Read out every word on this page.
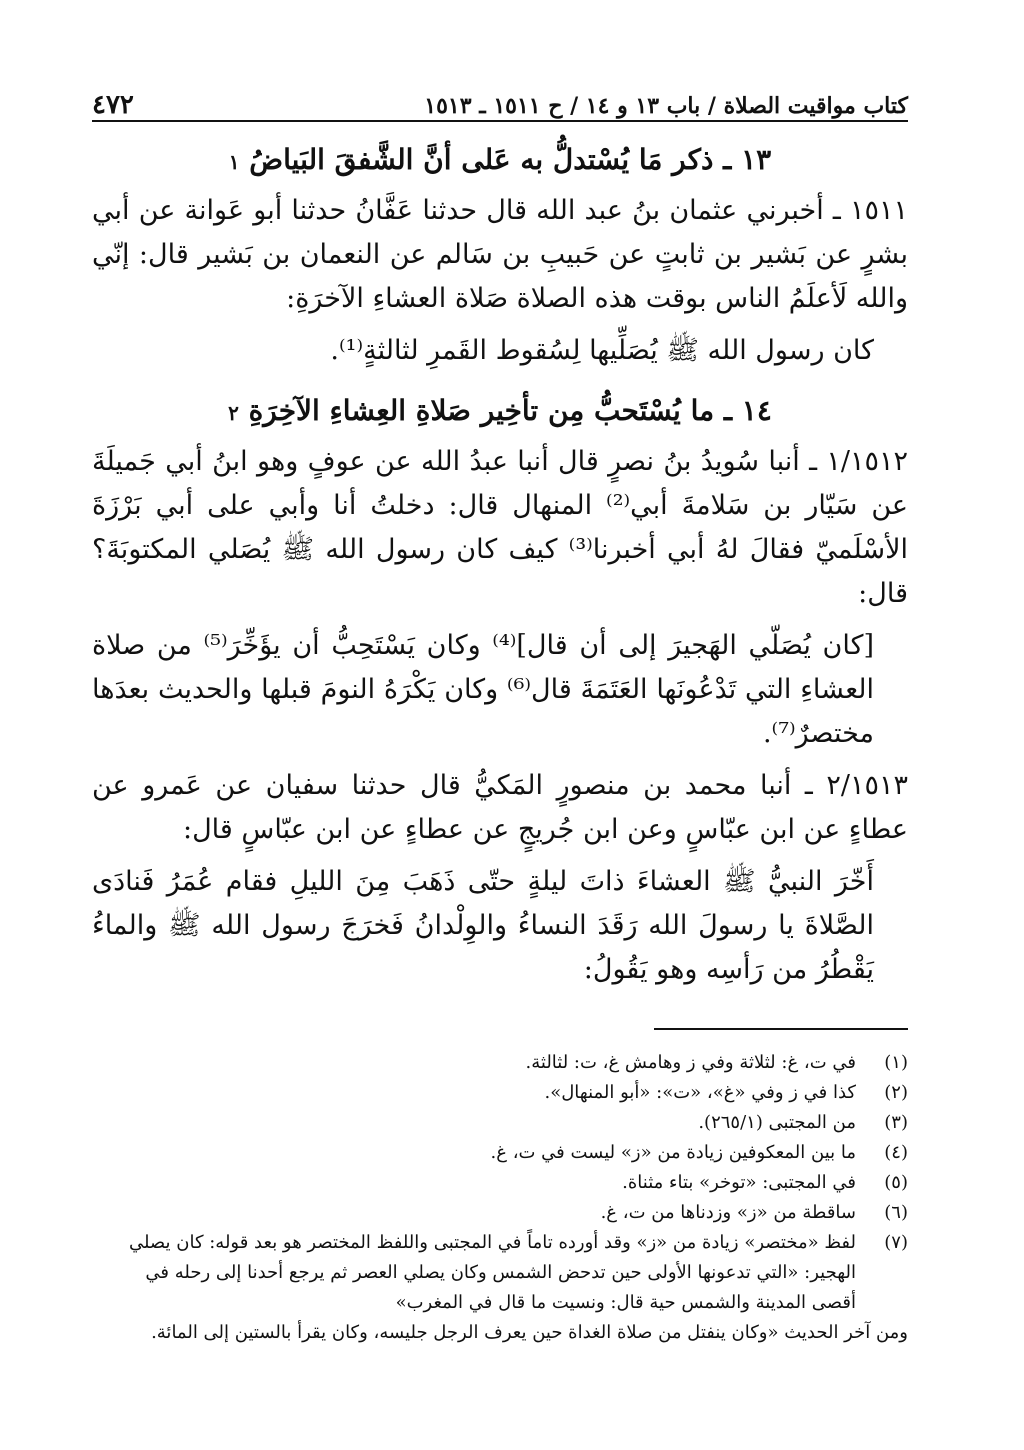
كتاب مواقيت الصلاة / باب ١٣ و ١٤ / ح ١٥١١ ـ ١٥١٣
٤٧٢
١٣ ـ ذكر مَا يُسْتدلُّ به عَلى أنَّ الشَّفقَ البَياضُ ١

١٥١١ ـ أخبرني عثمان بنُ عبد الله قال حدثنا عَفَّانُ حدثنا أبو عَوانة عن أبي بشرٍ عن بَشير بن ثابتٍ عن حَبيبِ بن سَالم عن النعمان بن بَشير قال: إنّي والله لَأعلَمُ الناس بوقت هذه الصلاة صَلاة العشاءِ الآخرَةِ:

كان رسول الله ﷺ يُصَلِّيها لِسُقوط القَمرِ لثالثةٍ⁽¹⁾.

١٤ ـ ما يُسْتَحبُّ مِن تأخِير صَلاةِ العِشاءِ الآخِرَةِ ٢

١/١٥١٢ ـ أنبا سُويدُ بنُ نصرٍ قال أنبا عبدُ الله عن عوفٍ وهو ابنُ أبي جَميلَةَ عن سَيّار بن سَلامةَ أبي⁽²⁾ المنهال قال: دخلتُ أنا وأبي على أبي بَرْزَةَ الأسْلَميّ فقالَ لهُ أبي أخبرنا⁽³⁾ كيف كان رسول الله ﷺ يُصَلي المكتوبَةَ؟ قال:

[كان يُصَلّي الهَجيرَ إلى أن قال]⁽⁴⁾ وكان يَسْتَحِبُّ أن يؤَخِّرَ⁽⁵⁾ من صلاة العشاءِ التي تَدْعُونَها العَتَمَةَ قال⁽⁶⁾ وكان يَكْرَهُ النومَ قبلها والحديث بعدَها مختصرٌ⁽⁷⁾.

٢/١٥١٣ ـ أنبا محمد بن منصورٍ المَكيُّ قال حدثنا سفيان عن عَمرو عن عطاءٍ عن ابن عبّاسٍ وعن ابن جُريجٍ عن عطاءٍ عن ابن عبّاسٍ قال:

أَخّرَ النبيُّ ﷺ العشاءَ ذاتَ ليلةٍ حتّى ذَهَبَ مِنَ الليلِ فقام عُمَرُ فَنادَى الصَّلاةَ يا رسولَ الله رَقَدَ النساءُ والوِلْدانُ فَخرَجَ رسول الله ﷺ والماءُ يَقْطُرُ من رَأسِه وهو يَقُولُ:

(١)
في ت، غ: لثلاثة وفي ز وهامش غ، ت: لثالثة.
(٢)
كذا في ز وفي «غ»، «ت»: «أبو المنهال».
(٣)
من المجتبى (٢٦٥/١).
(٤)
ما بين المعكوفين زيادة من «ز» ليست في ت، غ.
(٥)
في المجتبى: «توخر» بتاء مثناة.
(٦)
ساقطة من «ز» وزدناها من ت، غ.
(٧)
لفظ «مختصر» زيادة من «ز» وقد أورده تاماً في المجتبى واللفظ المختصر هو بعد قوله: كان يصلي
الهجير: «التي تدعونها الأولى حين تدحض الشمس وكان يصلي العصر ثم يرجع أحدنا إلى رحله في
أقصى المدينة والشمس حية قال: ونسيت ما قال في المغرب»
ومن آخر الحديث «وكان ينفتل من صلاة الغداة حين يعرف الرجل جليسه، وكان يقرأ بالستين إلى المائة.
